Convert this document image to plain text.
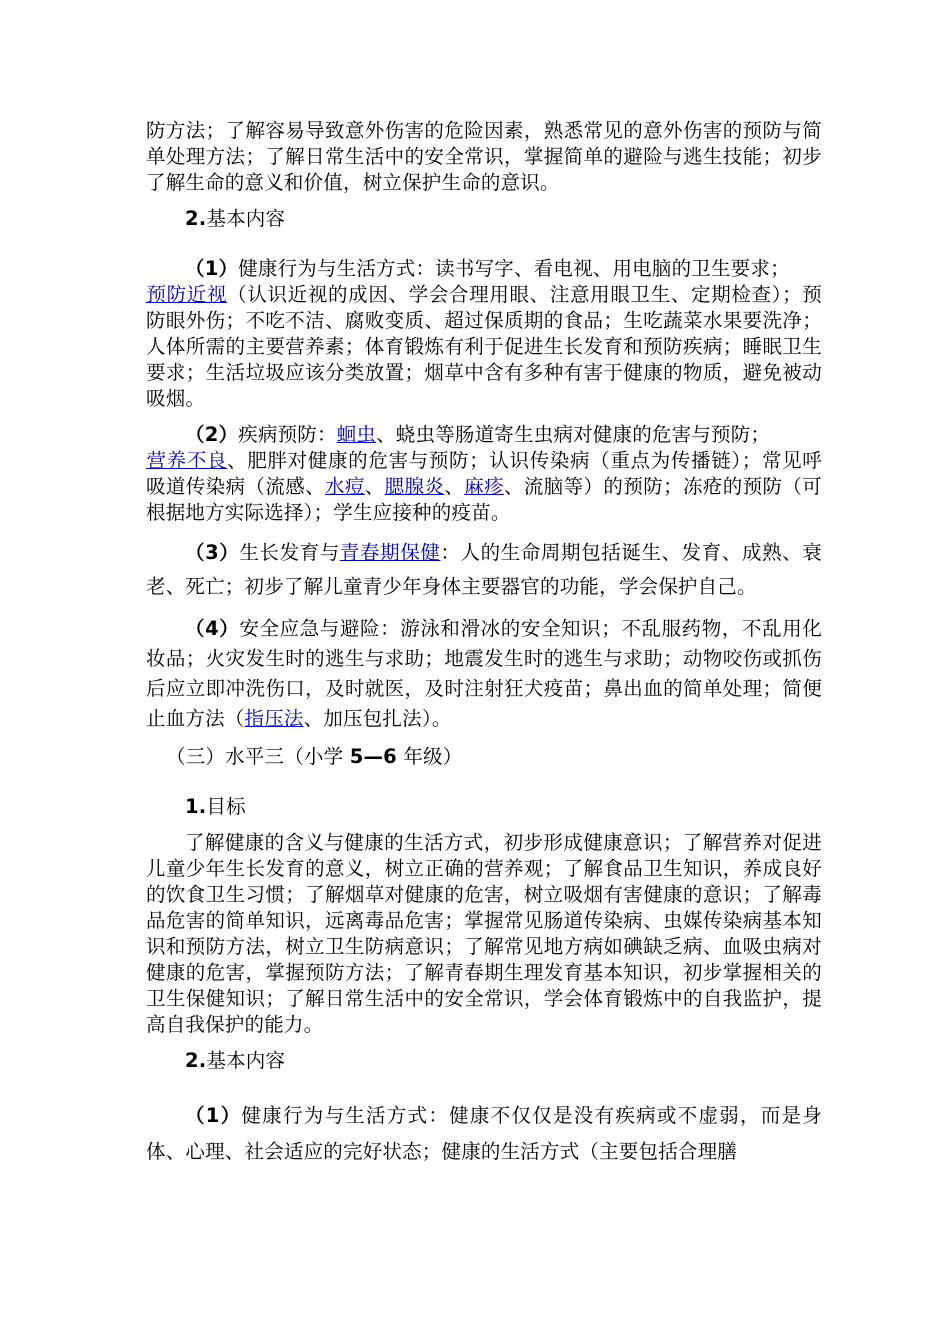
防方法；了解容易导致意外伤害的危险因素，熟悉常见的意外伤害的预防与简单处理方法；了解日常生活中的安全常识，掌握简单的避险与逃生技能；初步了解生命的意义和价值，树立保护生命的意识。

2.基本内容

（1）健康行为与生活方式：读书写字、看电视、用电脑的卫生要求；
预防近视（认识近视的成因、学会合理用眼、注意用眼卫生、定期检查）；预防眼外伤；不吃不洁、腐败变质、超过保质期的食品；生吃蔬菜水果要洗净；人体所需的主要营养素；体育锻炼有利于促进生长发育和预防疾病；睡眠卫生要求；生活垃圾应该分类放置；烟草中含有多种有害于健康的物质，避免被动吸烟。

（2）疾病预防：蛔虫、蛲虫等肠道寄生虫病对健康的危害与预防；
营养不良、肥胖对健康的危害与预防；认识传染病（重点为传播链）；常见呼吸道传染病（流感、水痘、腮腺炎、麻疹、流脑等）的预防；冻疮的预防（可根据地方实际选择）；学生应接种的疫苗。

（3）生长发育与青春期保健：人的生命周期包括诞生、发育、成熟、衰老、死亡；初步了解儿童青少年身体主要器官的功能，学会保护自己。

（4）安全应急与避险：游泳和滑冰的安全知识；不乱服药物，不乱用化妆品；火灾发生时的逃生与求助；地震发生时的逃生与求助；动物咬伤或抓伤后应立即冲洗伤口，及时就医，及时注射狂犬疫苗；鼻出血的简单处理；简便止血方法（指压法、加压包扎法）。

（三）水平三（小学 5—6 年级）
1.目标

了解健康的含义与健康的生活方式，初步形成健康意识；了解营养对促进儿童少年生长发育的意义，树立正确的营养观；了解食品卫生知识，养成良好的饮食卫生习惯；了解烟草对健康的危害，树立吸烟有害健康的意识；了解毒品危害的简单知识，远离毒品危害；掌握常见肠道传染病、虫媒传染病基本知识和预防方法，树立卫生防病意识；了解常见地方病如碘缺乏病、血吸虫病对健康的危害，掌握预防方法；了解青春期生理发育基本知识，初步掌握相关的卫生保健知识；了解日常生活中的安全常识，学会体育锻炼中的自我监护，提高自我保护的能力。

2.基本内容

（1）健康行为与生活方式：健康不仅仅是没有疾病或不虚弱，而是身体、心理、社会适应的完好状态；健康的生活方式（主要包括合理膳
